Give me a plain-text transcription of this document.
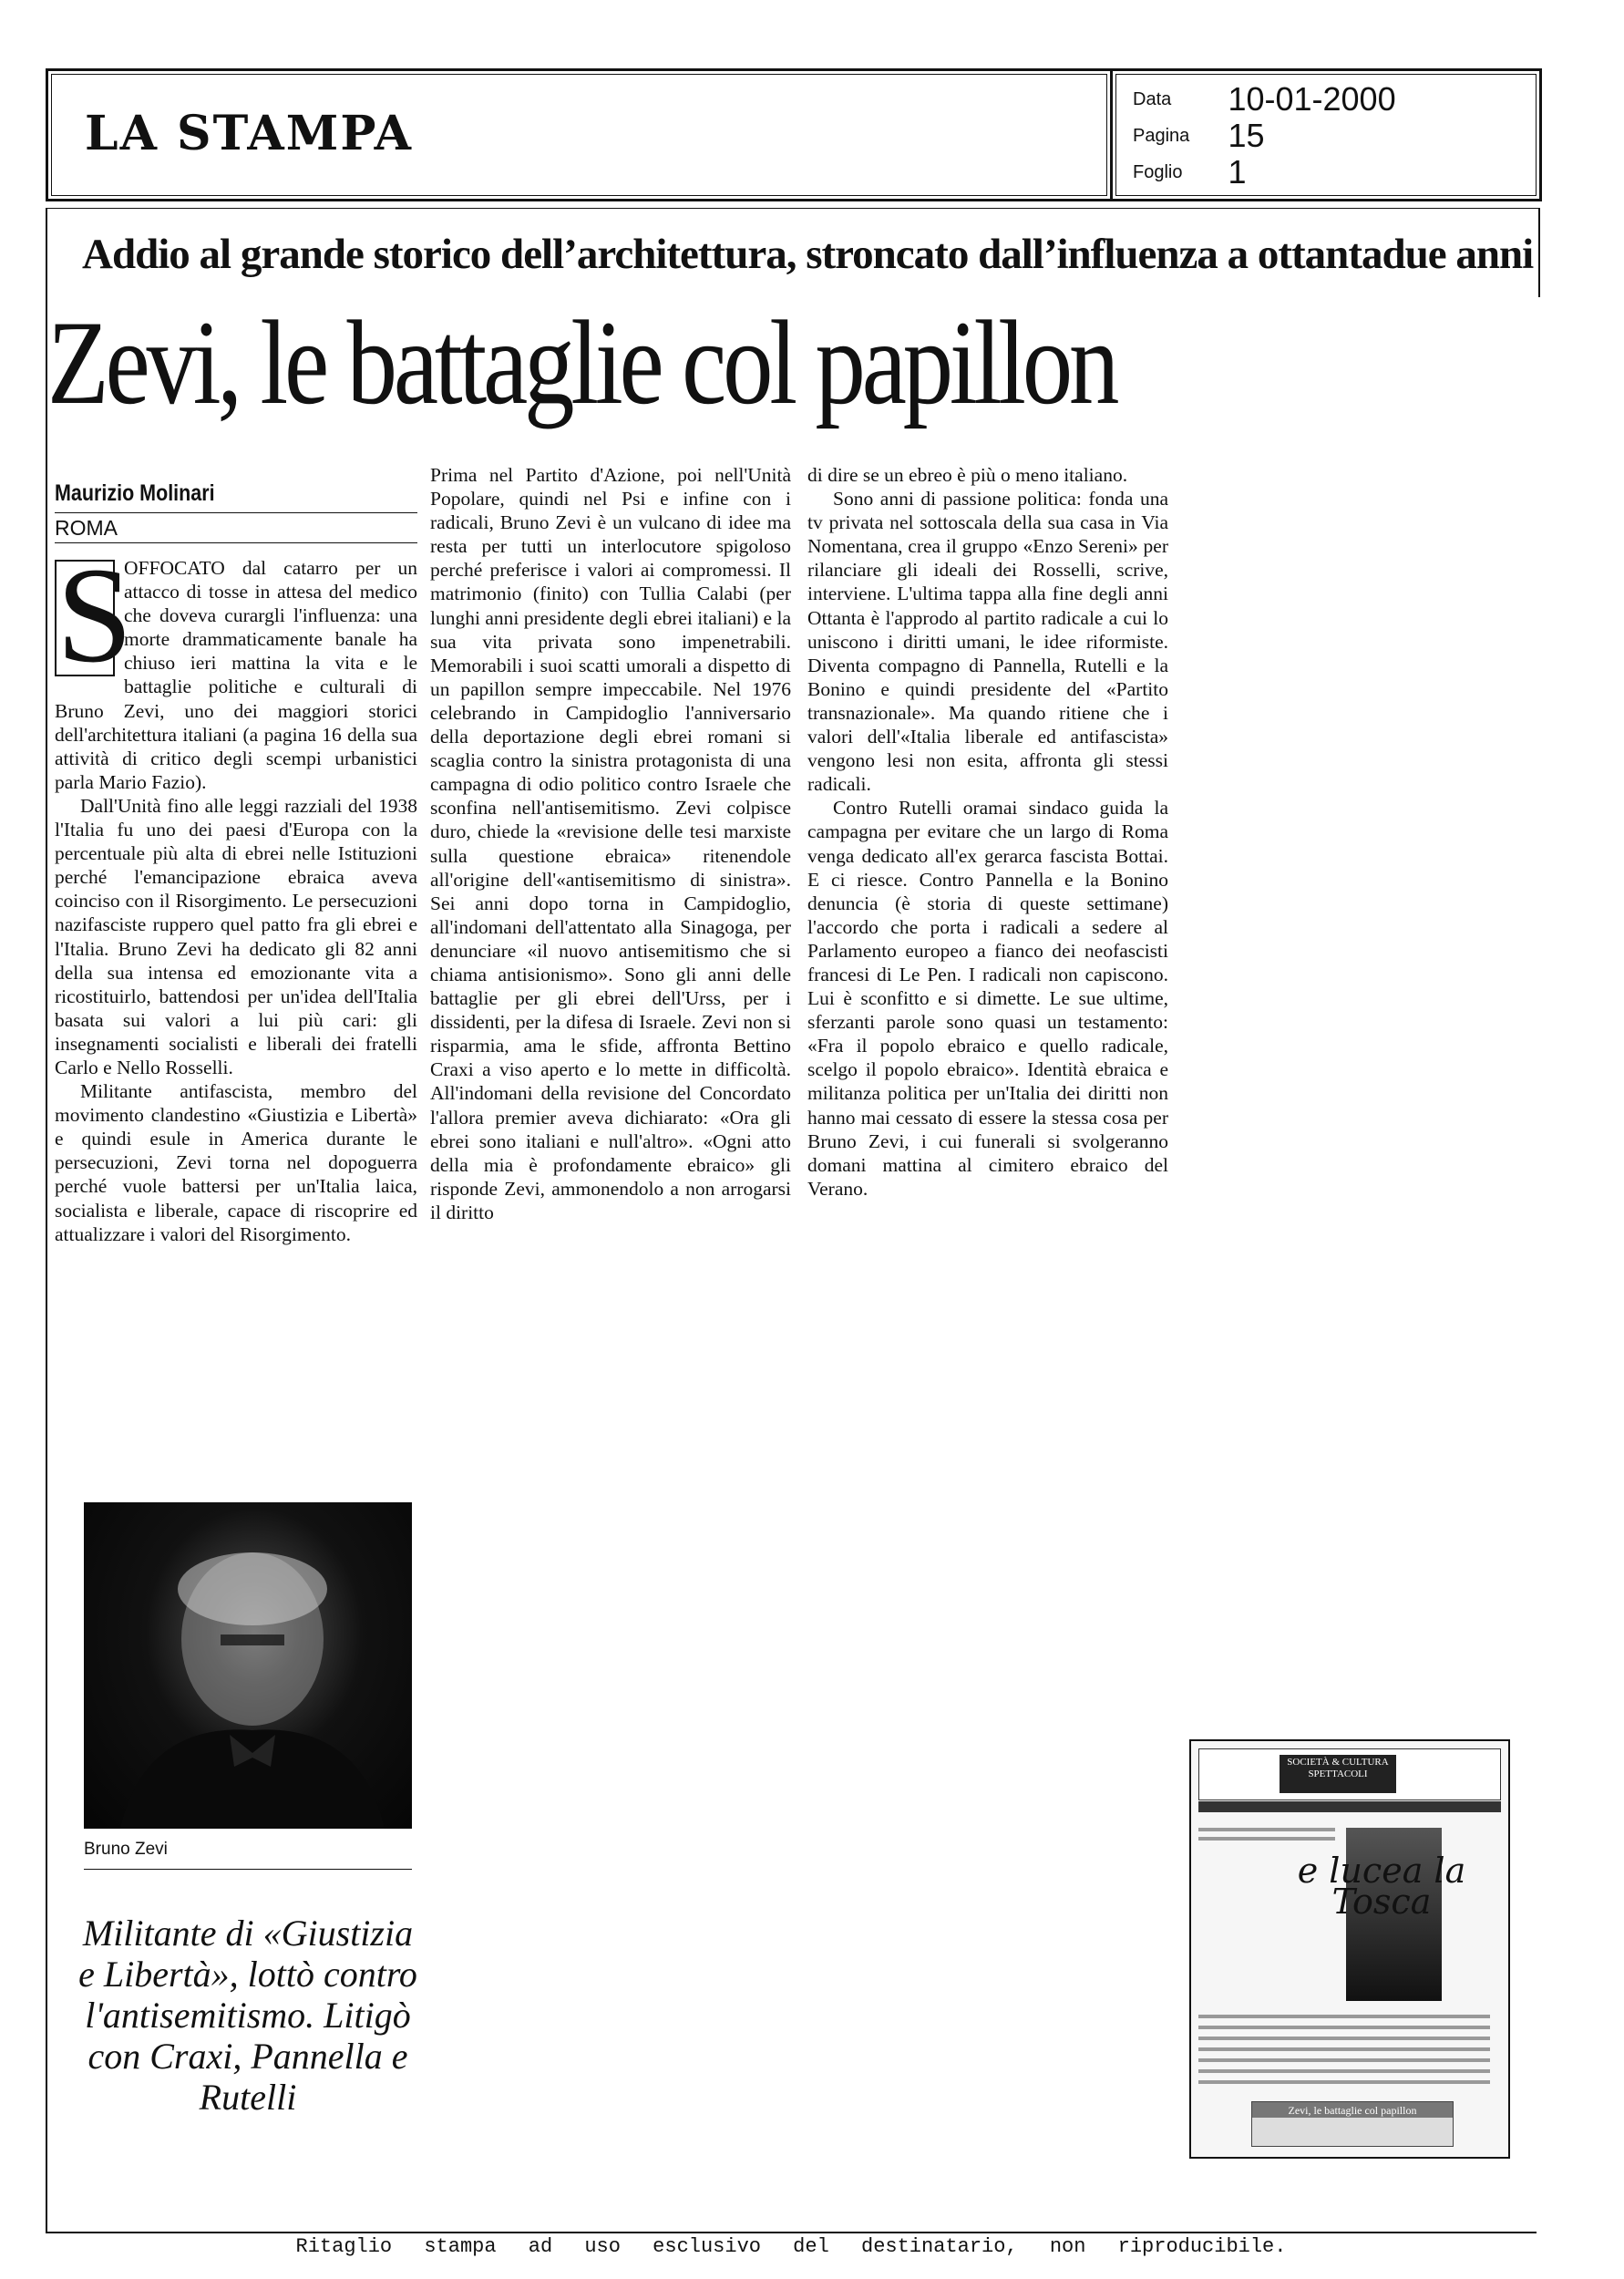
LA STAMPA
Data 10-01-2000
Pagina 15
Foglio 1
Addio al grande storico dell’architettura, stroncato dall’influenza a ottantadue anni
Zevi, le battaglie col papillon
Maurizio Molinari
ROMA

S
OFFOCATO dal catarro per un attacco di tosse in attesa del medico che doveva curargli l'influenza: una morte drammaticamente banale ha chiuso ieri mattina la vita e le battaglie politiche e culturali di Bruno Zevi, uno dei maggiori storici dell'architettura italiani (a pagina 16 della sua attività di critico degli scempi urbanistici parla Mario Fazio).

Dall'Unità fino alle leggi razziali del 1938 l'Italia fu uno dei paesi d'Europa con la percentuale più alta di ebrei nelle Istituzioni perché l'emancipazione ebraica aveva coinciso con il Risorgimento. Le persecuzioni nazifasciste ruppero quel patto fra gli ebrei e l'Italia. Bruno Zevi ha dedicato gli 82 anni della sua intensa ed emozionante vita a ricostituirlo, battendosi per un'idea dell'Italia basata sui valori a lui più cari: gli insegnamenti socialisti e liberali dei fratelli Carlo e Nello Rosselli.

Militante antifascista, membro del movimento clandestino «Giustizia e Libertà» e quindi esule in America durante le persecuzioni, Zevi torna nel dopoguerra perché vuole battersi per un'Italia laica, socialista e liberale, capace di riscoprire ed attualizzare i valori del Risorgimento.

Prima nel Partito d'Azione, poi nell'Unità Popolare, quindi nel Psi e infine con i radicali, Bruno Zevi è un vulcano di idee ma resta per tutti un interlocutore spigoloso perché preferisce i valori ai compromessi. Il matrimonio (finito) con Tullia Calabi (per lunghi anni presidente degli ebrei italiani) e la sua vita privata sono impenetrabili. Memorabili i suoi scatti umorali a dispetto di un papillon sempre impeccabile. Nel 1976 celebrando in Campidoglio l'anniversario della deportazione degli ebrei romani si scaglia contro la sinistra protagonista di una campagna di odio politico contro Israele che sconfina nell'antisemitismo. Zevi colpisce duro, chiede la «revisione delle tesi marxiste sulla questione ebraica» ritenendole all'origine dell'«antisemitismo di sinistra». Sei anni dopo torna in Campidoglio, all'indomani dell'attentato alla Sinagoga, per denunciare «il nuovo antisemitismo che si chiama antisionismo». Sono gli anni delle battaglie per gli ebrei dell'Urss, per i dissidenti, per la difesa di Israele. Zevi non si risparmia, ama le sfide, affronta Bettino Craxi a viso aperto e lo mette in difficoltà. All'indomani della revisione del Concordato l'allora premier aveva dichiarato: «Ora gli ebrei sono italiani e null'altro». «Ogni atto della mia è profondamente ebraico» gli risponde Zevi, ammonendolo a non arrogarsi il diritto

di dire se un ebreo è più o meno italiano.

Sono anni di passione politica: fonda una tv privata nel sottoscala della sua casa in Via Nomentana, crea il gruppo «Enzo Sereni» per rilanciare gli ideali dei Rosselli, scrive, interviene. L'ultima tappa alla fine degli anni Ottanta è l'approdo al partito radicale a cui lo uniscono i diritti umani, le idee riformiste. Diventa compagno di Pannella, Rutelli e la Bonino e quindi presidente del «Partito transnazionale». Ma quando ritiene che i valori dell'«Italia liberale ed antifascista» vengono lesi non esita, affronta gli stessi radicali.

Contro Rutelli oramai sindaco guida la campagna per evitare che un largo di Roma venga dedicato all'ex gerarca fascista Bottai. E ci riesce. Contro Pannella e la Bonino denuncia (è storia di queste settimane) l'accordo che porta i radicali a sedere al Parlamento europeo a fianco dei neofascisti francesi di Le Pen. I radicali non capiscono. Lui è sconfitto e si dimette. Le sue ultime, sferzanti parole sono quasi un testamento: «Fra il popolo ebraico e quello radicale, scelgo il popolo ebraico». Identità ebraica e militanza politica per un'Italia dei diritti non hanno mai cessato di essere la stessa cosa per Bruno Zevi, i cui funerali si svolgeranno domani mattina al cimitero ebraico del Verano.

Bruno Zevi
Militante di «Giustizia e Libertà», lottò contro l'antisemitismo. Litigò con Craxi, Pannella e Rutelli
SOCIETÀ & CULTURA SPETTACOLI
e lucea la Tosca
Zevi, le battaglie col papillon
Ritaglio stampa ad uso esclusivo del destinatario, non riproducibile.
